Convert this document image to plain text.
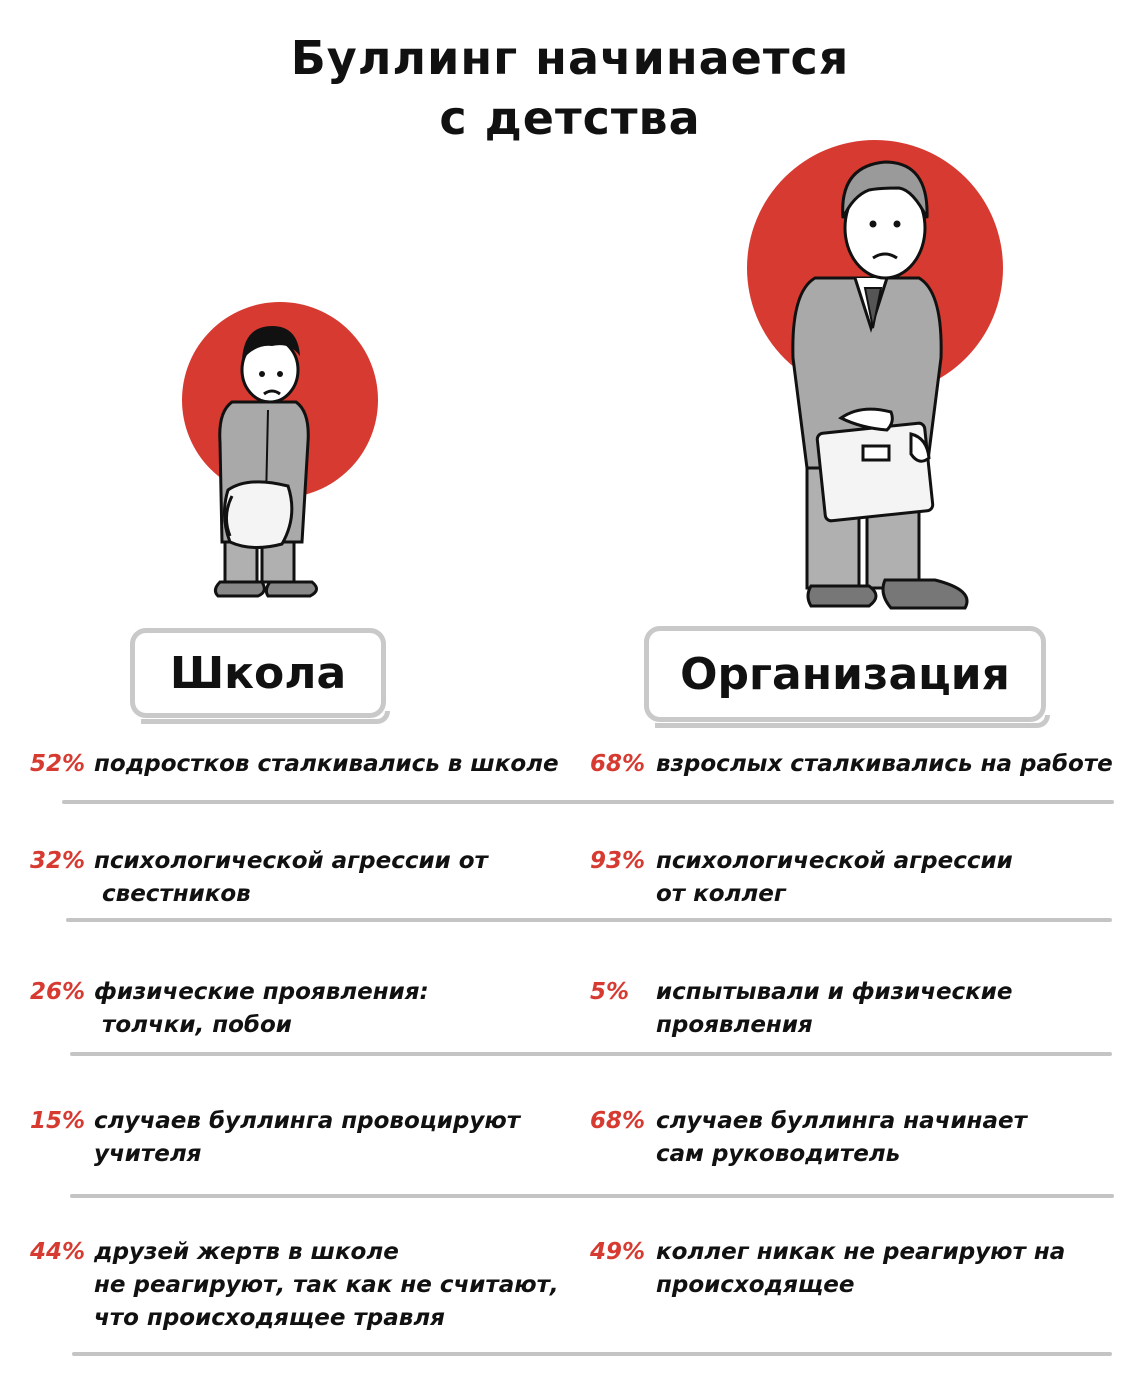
Буллинг начинается
с детства
Школа	Организация
52% подростков сталкивались в школе
32% психологической агрессии от
свестников
26% физические проявления:
толчки, побои
15% случаев буллинга провоцируют
учителя
44% друзей жертв в школе
не реагируют, так как не считают,
что происходящее травля
68% взрослых сталкивались на работе
93% психологической агрессии
от коллег
5% испытывали и физические
проявления
68% случаев буллинга начинает
сам руководитель
49% коллег никак не реагируют на
происходящее
